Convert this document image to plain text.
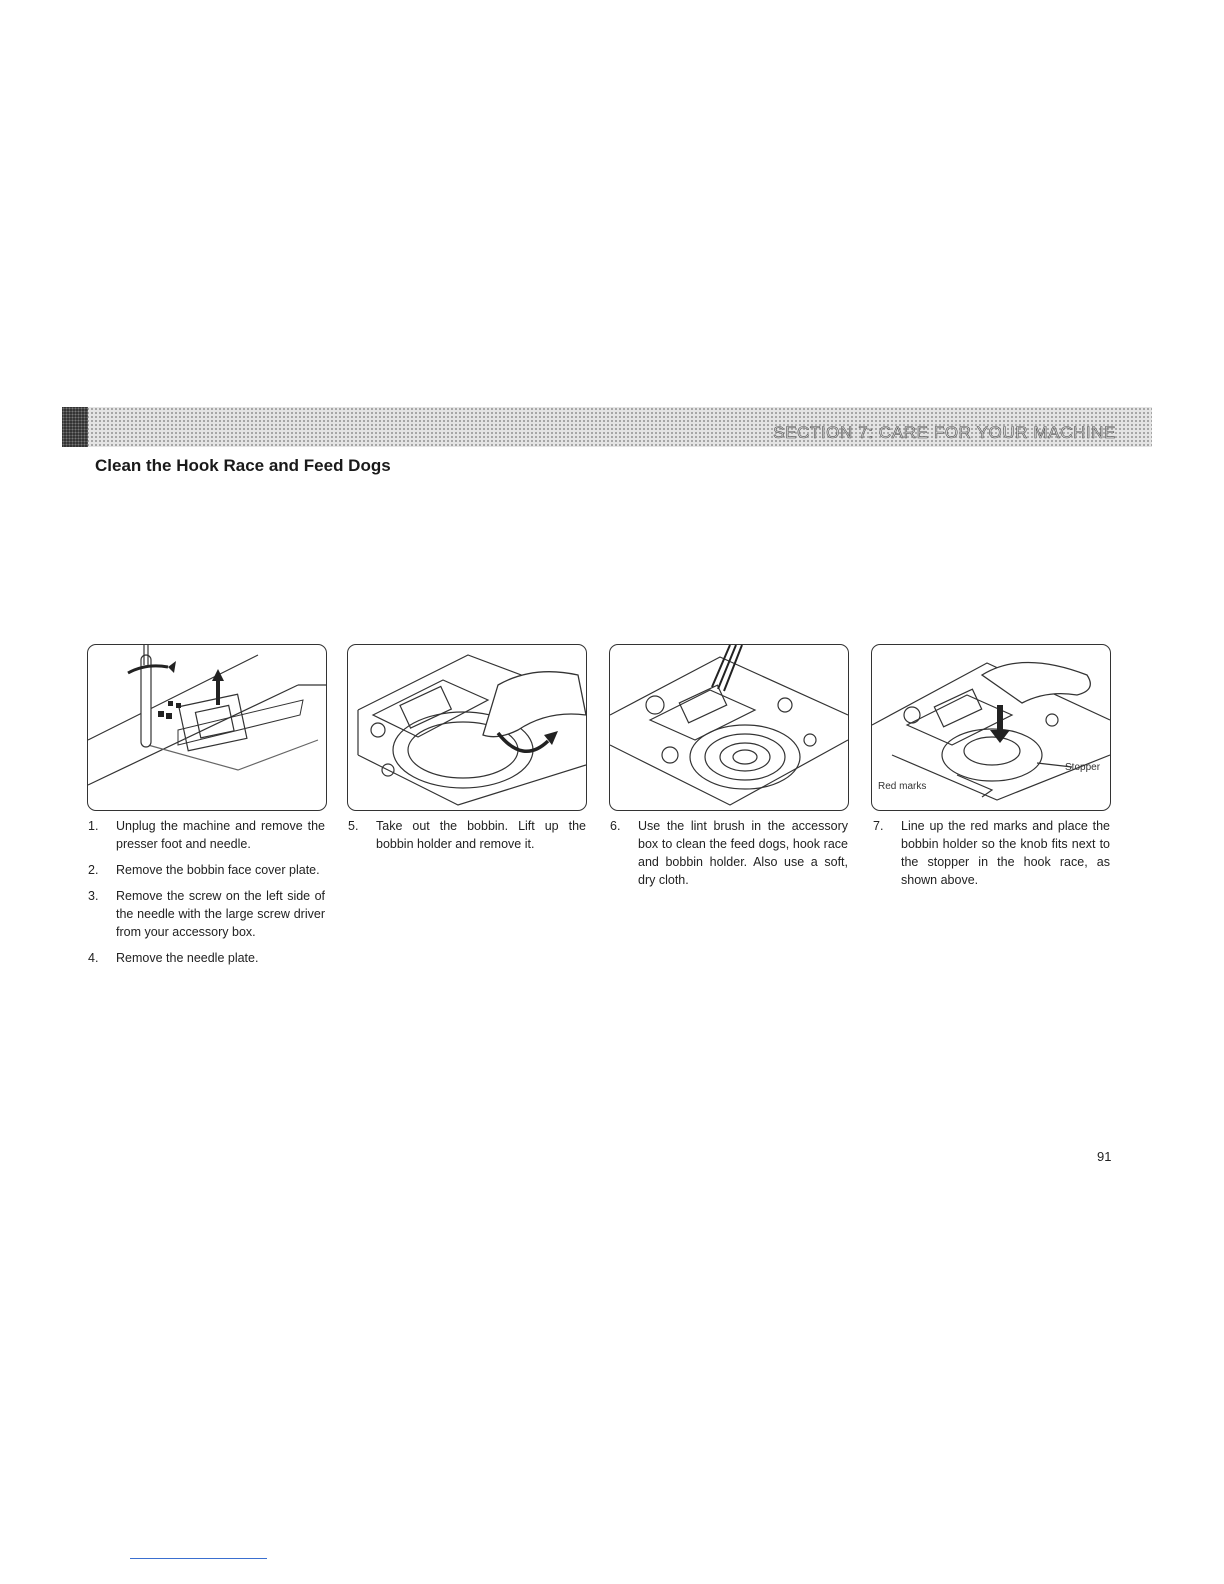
SECTION 7: CARE FOR YOUR MACHINE
Clean the Hook Race and Feed Dogs
Stopper
Red marks
1.	Unplug the machine and remove the presser foot and needle.
2.	Remove the bobbin face cover plate.
3.	Remove the screw on the left side of the needle with the large screw driver from your accessory box.
4.	Remove the needle plate.
5.	Take out the bobbin. Lift up the bobbin holder and remove it.
6.	Use the lint brush in the accessory box to clean the feed dogs, hook race and bobbin holder. Also use a soft, dry cloth.
7.	Line up the red marks and place the bobbin holder so the knob fits next to the stopper in the hook race, as shown above.
91
